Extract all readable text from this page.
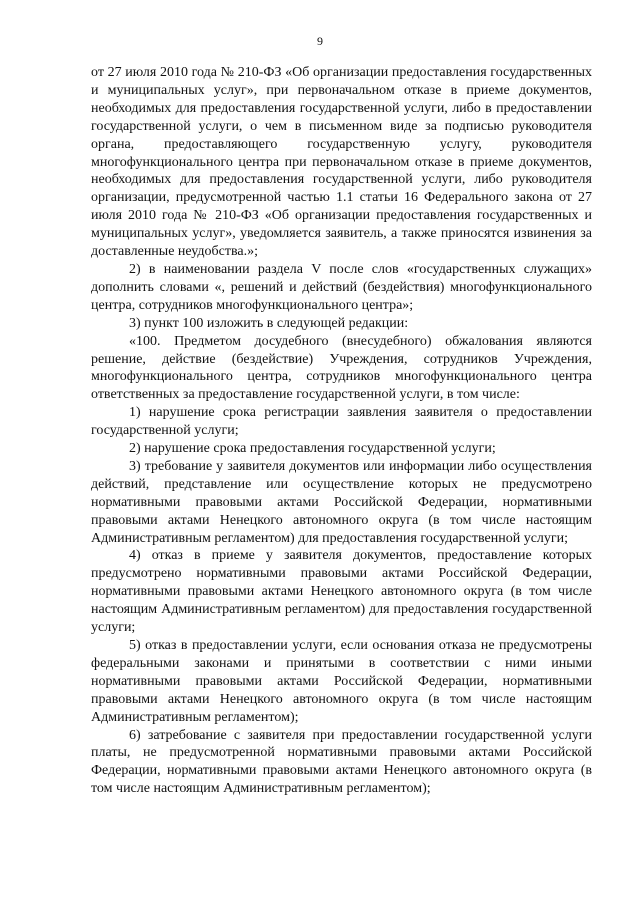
9

от 27 июля 2010 года № 210-ФЗ «Об организации предоставления государственных и муниципальных услуг», при первоначальном отказе в приеме документов, необходимых для предоставления государственной услуги, либо в предоставлении государственной услуги, о чем в письменном виде за подписью руководителя органа, предоставляющего государственную услугу, руководителя многофункционального центра при первоначальном отказе в приеме документов, необходимых для предоставления государственной услуги, либо руководителя организации, предусмотренной частью 1.1 статьи 16 Федерального закона от 27 июля 2010 года № 210-ФЗ «Об организации предоставления государственных и муниципальных услуг», уведомляется заявитель, а также приносятся извинения за доставленные неудобства.»;

2) в наименовании раздела V после слов «государственных служащих» дополнить словами «, решений и действий (бездействия) многофункционального центра, сотрудников многофункционального центра»;

3) пункт 100 изложить в следующей редакции:

«100. Предметом досудебного (внесудебного) обжалования являются решение, действие (бездействие) Учреждения, сотрудников Учреждения, многофункционального центра, сотрудников многофункционального центра ответственных за предоставление государственной услуги, в том числе:

1) нарушение срока регистрации заявления заявителя о предоставлении государственной услуги;

2) нарушение срока предоставления государственной услуги;

3) требование у заявителя документов или информации либо осуществления действий, представление или осуществление которых не предусмотрено нормативными правовыми актами Российской Федерации, нормативными правовыми актами Ненецкого автономного округа (в том числе настоящим Административным регламентом) для предоставления государственной услуги;

4) отказ в приеме у заявителя документов, предоставление которых предусмотрено нормативными правовыми актами Российской Федерации, нормативными правовыми актами Ненецкого автономного округа (в том числе настоящим Административным регламентом) для предоставления государственной услуги;

5) отказ в предоставлении услуги, если основания отказа не предусмотрены федеральными законами и принятыми в соответствии с ними иными нормативными правовыми актами Российской Федерации, нормативными правовыми актами Ненецкого автономного округа (в том числе настоящим Административным регламентом);

6) затребование с заявителя при предоставлении государственной услуги платы, не предусмотренной нормативными правовыми актами Российской Федерации, нормативными правовыми актами Ненецкого автономного округа (в том числе настоящим Административным регламентом);
